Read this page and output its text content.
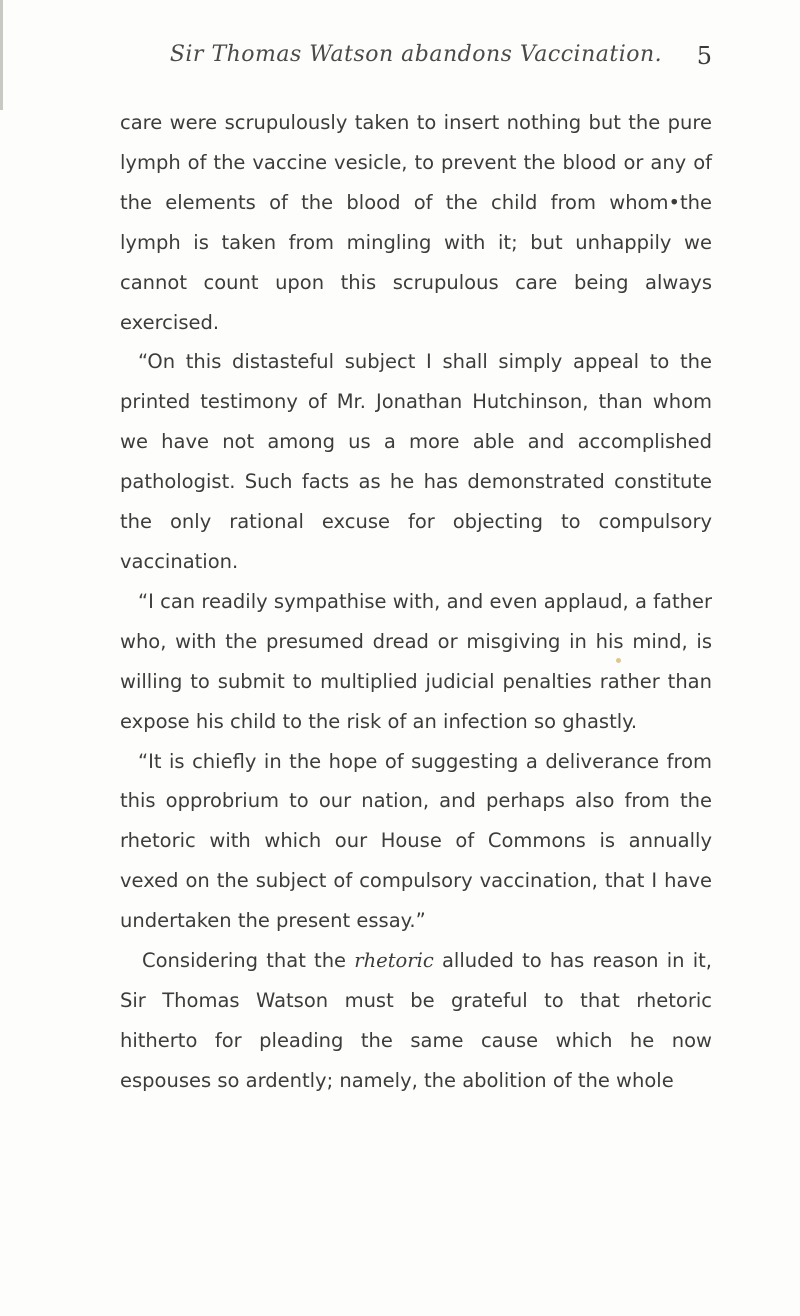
Sir Thomas Watson abandons Vaccination.	5

care were scrupulously taken to insert nothing but the pure lymph of the vaccine vesicle, to prevent the blood or any of the elements of the blood of the child from whom•the lymph is taken from mingling with it; but unhappily we cannot count upon this scrupulous care being always exercised.

“On this distasteful subject I shall simply appeal to the printed testimony of Mr. Jonathan Hutchinson, than whom we have not among us a more able and accomplished pathologist. Such facts as he has demonstrated constitute the only rational excuse for objecting to compulsory vaccination.

“I can readily sympathise with, and even applaud, a father who, with the presumed dread or misgiving in his mind, is willing to submit to multiplied judicial penalties rather than expose his child to the risk of an infection so ghastly.

“It is chiefly in the hope of suggesting a deliverance from this opprobrium to our nation, and perhaps also from the rhetoric with which our House of Commons is annually vexed on the subject of compulsory vaccination, that I have undertaken the present essay.”

Considering that the rhetoric alluded to has reason in it, Sir Thomas Watson must be grateful to that rhetoric hitherto for pleading the same cause which he now espouses so ardently; namely, the abolition of the whole
